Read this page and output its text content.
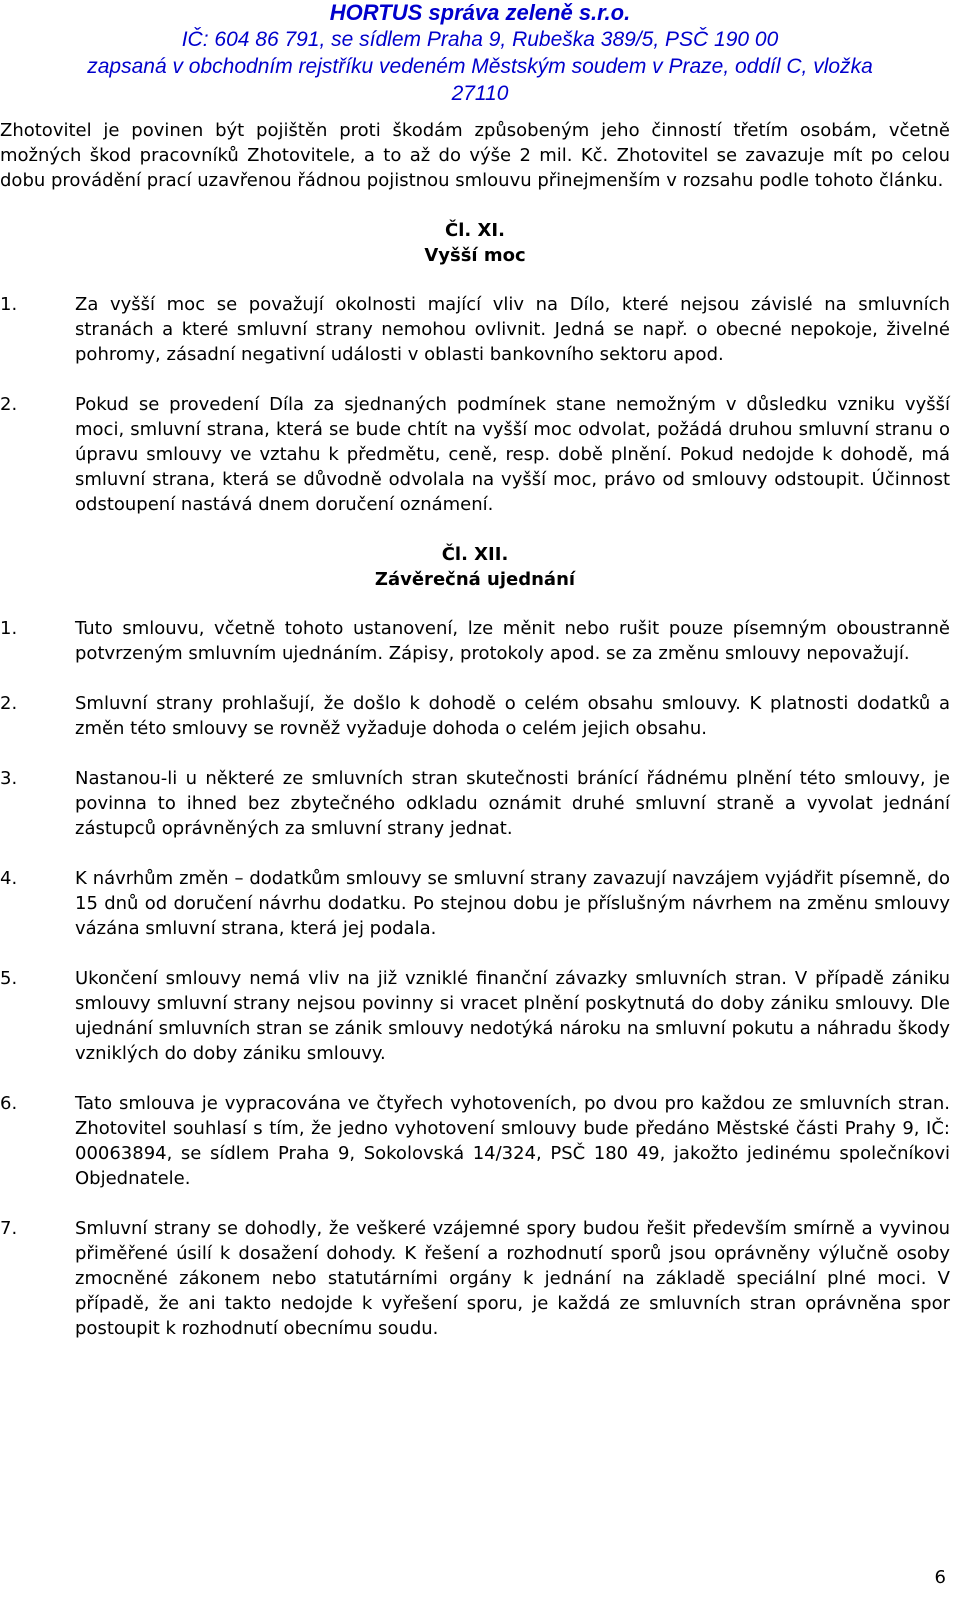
HORTUS správa zeleně s.r.o.
IČ: 604 86 791, se sídlem Praha 9, Rubeška 389/5, PSČ 190 00
zapsaná v obchodním rejstříku vedeném Městským soudem v Praze, oddíl C, vložka
27110

Zhotovitel je povinen být pojištěn proti škodám způsobeným jeho činností třetím osobám, včetně možných škod pracovníků Zhotovitele, a to až do výše 2 mil. Kč. Zhotovitel se zavazuje mít po celou dobu provádění prací uzavřenou řádnou pojistnou smlouvu přinejmenším v rozsahu podle tohoto článku.

Čl. XI.

Vyšší moc

1.	Za vyšší moc se považují okolnosti mající vliv na Dílo, které nejsou závislé na smluvních stranách a které smluvní strany nemohou ovlivnit. Jedná se např. o obecné nepokoje, živelné pohromy, zásadní negativní události v oblasti bankovního sektoru apod.
2.	Pokud se provedení Díla za sjednaných podmínek stane nemožným v důsledku vzniku vyšší moci, smluvní strana, která se bude chtít na vyšší moc odvolat, požádá druhou smluvní stranu o úpravu smlouvy ve vztahu k předmětu, ceně, resp. době plnění. Pokud nedojde k dohodě, má smluvní strana, která se důvodně odvolala na vyšší moc, právo od smlouvy odstoupit. Účinnost odstoupení nastává dnem doručení oznámení.

Čl. XII.

Závěrečná ujednání

1.	Tuto smlouvu, včetně tohoto ustanovení, lze měnit nebo rušit pouze písemným oboustranně potvrzeným smluvním ujednáním. Zápisy, protokoly apod. se za změnu smlouvy nepovažují.
2.	Smluvní strany prohlašují, že došlo k dohodě o celém obsahu smlouvy. K platnosti dodatků a změn této smlouvy se rovněž vyžaduje dohoda o celém jejich obsahu.
3.	Nastanou-li u některé ze smluvních stran skutečnosti bránící řádnému plnění této smlouvy, je povinna to ihned bez zbytečného odkladu oznámit druhé smluvní straně a vyvolat jednání zástupců oprávněných za smluvní strany jednat.
4.	K návrhům změn – dodatkům smlouvy se smluvní strany zavazují navzájem vyjádřit písemně, do 15 dnů od doručení návrhu dodatku. Po stejnou dobu je příslušným návrhem na změnu smlouvy vázána smluvní strana, která jej podala.
5.	Ukončení smlouvy nemá vliv na již vzniklé finanční závazky smluvních stran. V případě zániku smlouvy smluvní strany nejsou povinny si vracet plnění poskytnutá do doby zániku smlouvy. Dle ujednání smluvních stran se zánik smlouvy nedotýká nároku na smluvní pokutu a náhradu škody vzniklých do doby zániku smlouvy.
6.	Tato smlouva je vypracována ve čtyřech vyhotoveních, po dvou pro každou ze smluvních stran. Zhotovitel souhlasí s tím, že jedno vyhotovení smlouvy bude předáno Městské části Prahy 9, IČ: 00063894, se sídlem Praha 9, Sokolovská 14/324, PSČ 180 49, jakožto jedinému společníkovi Objednatele.
7.	Smluvní strany se dohodly, že veškeré vzájemné spory budou řešit především smírně a vyvinou přiměřené úsilí k dosažení dohody. K řešení a rozhodnutí sporů jsou oprávněny výlučně osoby zmocněné zákonem nebo statutárními orgány k jednání na základě speciální plné moci. V případě, že ani takto nedojde k vyřešení sporu, je každá ze smluvních stran oprávněna spor postoupit k rozhodnutí obecnímu soudu.
6
